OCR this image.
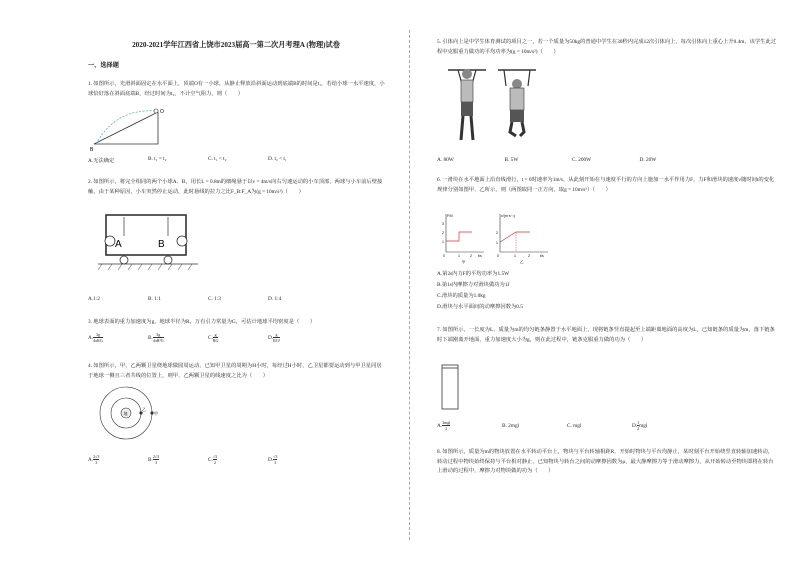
2020-2021学年江西省上饶市2023届高一第二次月考理A (物理)试卷
一、选择题
1. 如图所示，光滑斜面固定在水平面上，顶端O有一小球，从静止释放沿斜面运动到底端B的时间是t₁，若给小球一水平速度，小球恰好落在斜面底端B，经过时间为t₂，不计空气阻力，则（　　）
O
B
A.无法确定	B. t₁ = t₂	C. t₁ < t₂	D. t₂ < t₁
2. 如图所示，将完全相同的两个小球A、B，用长L = 0.8m的细绳悬于以v = 4m/s向右匀速运动的小车顶部，两球与小车前后壁接触，由于某种原因，小车突然停止运动，此时悬线的拉力之比F_B:F_A为(g = 10m/s²)（　　）
A	B
A.1:2	B. 1:1	C. 1:3	D. 1:4
3. 地球表面的重力加速度为g，地球半径为R，万有引力常量为G，可估计地球平均密度是（　　）
A.
3g
4πRG	B. $\frac{3g}{\text{4πR²G}}$	C. $\frac{g}{RG}$	D. $\frac{g}{\text{RG²}}$
4. 如图所示，甲、乙两颗卫星绕地球做圆周运动，已知甲卫星的周期为H小时，每经过H小时，乙卫星都要运动到与甲卫星同居于地球一侧且三者共线的位置上，则甲、乙两颗卫星的线速度之比为（　　）
地
乙
甲
A. $\frac{2√3}{3}$	B. $\frac{2√3}{3}$	C. $\frac{√3}{2}$	D. $\frac{√3}{3}$
5. 引体向上是中学生体育测试的项目之一，若一个质量为50kg的普通中学生在30秒内完成12次引体向上，每次引体向上重心上升0.4m，该学生此过程中克服重力做功的平均功率为(g = 10m/s²)（　　）
A. 80W	B. 5W	C. 200W	D. 20W
6. 一滑块在水平地面上沿直线滑行，t = 0时速率为1m/s，从此刻开始在与速度平行的方向上施加一水平作用力F，力F和滑块的速度v随时间t的变化规律分别如图甲、乙所示，则（两图取同一正方向，取g = 10m/s²）（　　）
F/N
t/s
3
2
1
0	1	2
甲
v/(m·s⁻¹)
t/s
1
2
0	1	2
乙
A.第2s内力F的平均功率为1.5W
B.第1s内摩擦力对滑块做功为1J
C.滑块的质量为1.0kg
D.滑块与水平面间的动摩擦因数为0.5
7. 如图所示，一长度为L、质量为m的均匀链条静置于水平地面上，现将链条竖直提起至上端距离地面的高度为L，已知链条的质量为m，落下链条时下端刚离开地面，重力加速度大小为g，则在此过程中，链条克服重力做的功为（　　）
A.
3mgl
2	B. 2mgl	C. mgl	D. $\frac{1}{2}$ mgl
8. 如图所示，质量为m的物块放置在水平转动平台上，物块与平台转轴相距R，开始时物块与平台均静止，某时刻平台开始绕竖直转轴加速转动，转动过程中物块始终保持与平台相对静止，已知物块与转台之间的动摩擦因数为μ，最大静摩擦力等于滑动摩擦力，从开始转动至物块即将在转台上滑动的过程中，摩擦力对物块做的功为（　　）
